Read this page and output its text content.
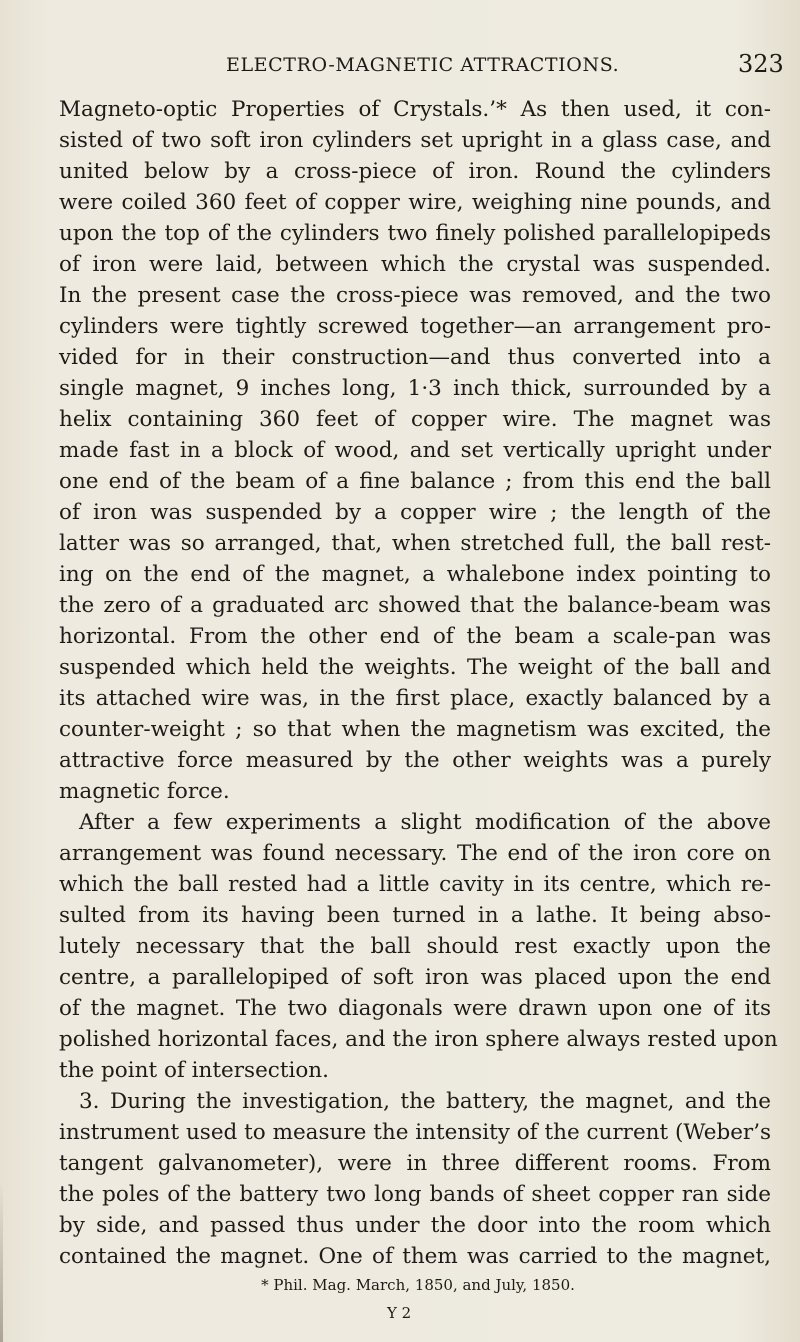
ELECTRO-MAGNETIC ATTRACTIONS.	323
Magneto-optic Properties of Crystals.’* As then used, it con-
sisted of two soft iron cylinders set upright in a glass case, and
united below by a cross-piece of iron. Round the cylinders
were coiled 360 feet of copper wire, weighing nine pounds, and
upon the top of the cylinders two finely polished parallelopipeds
of iron were laid, between which the crystal was suspended.
In the present case the cross-piece was removed, and the two
cylinders were tightly screwed together—an arrangement pro-
vided for in their construction—and thus converted into a
single magnet, 9 inches long, 1·3 inch thick, surrounded by a
helix containing 360 feet of copper wire. The magnet was
made fast in a block of wood, and set vertically upright under
one end of the beam of a fine balance ; from this end the ball
of iron was suspended by a copper wire ; the length of the
latter was so arranged, that, when stretched full, the ball rest-
ing on the end of the magnet, a whalebone index pointing to
the zero of a graduated arc showed that the balance-beam was
horizontal. From the other end of the beam a scale-pan was
suspended which held the weights. The weight of the ball and
its attached wire was, in the first place, exactly balanced by a
counter-weight ; so that when the magnetism was excited, the
attractive force measured by the other weights was a purely
magnetic force.
After a few experiments a slight modification of the above
arrangement was found necessary. The end of the iron core on
which the ball rested had a little cavity in its centre, which re-
sulted from its having been turned in a lathe. It being abso-
lutely necessary that the ball should rest exactly upon the
centre, a parallelopiped of soft iron was placed upon the end
of the magnet. The two diagonals were drawn upon one of its
polished horizontal faces, and the iron sphere always rested upon
the point of intersection.
3. During the investigation, the battery, the magnet, and the
instrument used to measure the intensity of the current (Weber’s
tangent galvanometer), were in three different rooms. From
the poles of the battery two long bands of sheet copper ran side
by side, and passed thus under the door into the room which
contained the magnet. One of them was carried to the magnet,
* Phil. Mag. March, 1850, and July, 1850.
Y 2
